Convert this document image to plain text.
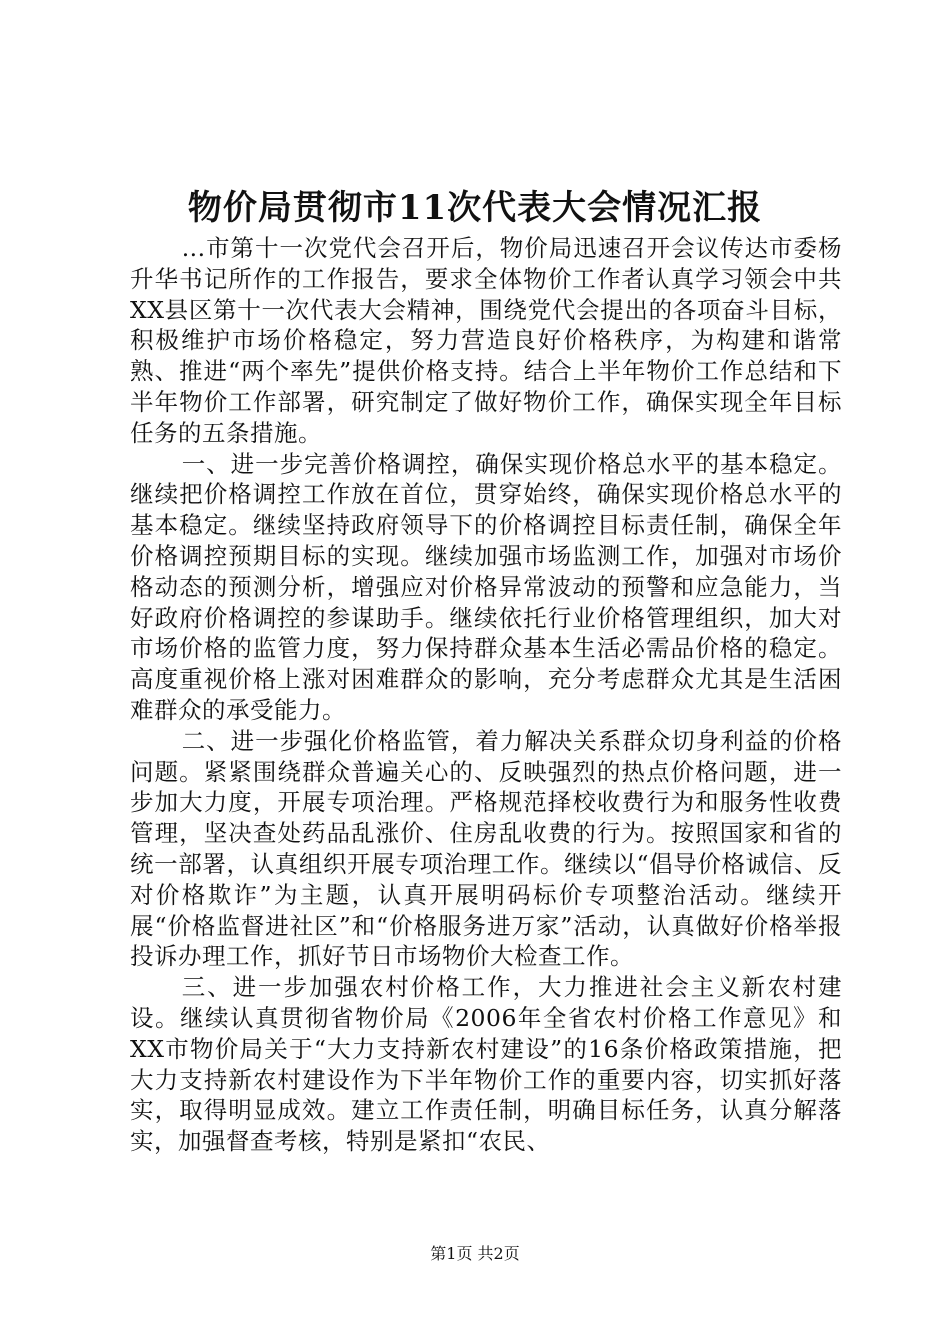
物价局贯彻市11次代表大会情况汇报

...市第十一次党代会召开后，物价局迅速召开会议传达市委杨升华书记所作的工作报告，要求全体物价工作者认真学习领会中共XX县区第十一次代表大会精神，围绕党代会提出的各项奋斗目标，积极维护市场价格稳定，努力营造良好价格秩序，为构建和谐常熟、推进“两个率先”提供价格支持。结合上半年物价工作总结和下半年物价工作部署，研究制定了做好物价工作，确保实现全年目标任务的五条措施。

一、进一步完善价格调控，确保实现价格总水平的基本稳定。继续把价格调控工作放在首位，贯穿始终，确保实现价格总水平的基本稳定。继续坚持政府领导下的价格调控目标责任制，确保全年价格调控预期目标的实现。继续加强市场监测工作，加强对市场价格动态的预测分析，增强应对价格异常波动的预警和应急能力，当好政府价格调控的参谋助手。继续依托行业价格管理组织，加大对市场价格的监管力度，努力保持群众基本生活必需品价格的稳定。高度重视价格上涨对困难群众的影响，充分考虑群众尤其是生活困难群众的承受能力。

二、进一步强化价格监管，着力解决关系群众切身利益的价格问题。紧紧围绕群众普遍关心的、反映强烈的热点价格问题，进一步加大力度，开展专项治理。严格规范择校收费行为和服务性收费管理，坚决查处药品乱涨价、住房乱收费的行为。按照国家和省的统一部署，认真组织开展专项治理工作。继续以“倡导价格诚信、反对价格欺诈”为主题，认真开展明码标价专项整治活动。继续开展“价格监督进社区”和“价格服务进万家”活动，认真做好价格举报投诉办理工作，抓好节日市场物价大检查工作。

三、进一步加强农村价格工作，大力推进社会主义新农村建设。继续认真贯彻省物价局《2006年全省农村价格工作意见》和XX市物价局关于“大力支持新农村建设”的16条价格政策措施，把大力支持新农村建设作为下半年物价工作的重要内容，切实抓好落实，取得明显成效。建立工作责任制，明确目标任务，认真分解落实，加强督查考核，特别是紧扣“农民、

第1页 共2页
